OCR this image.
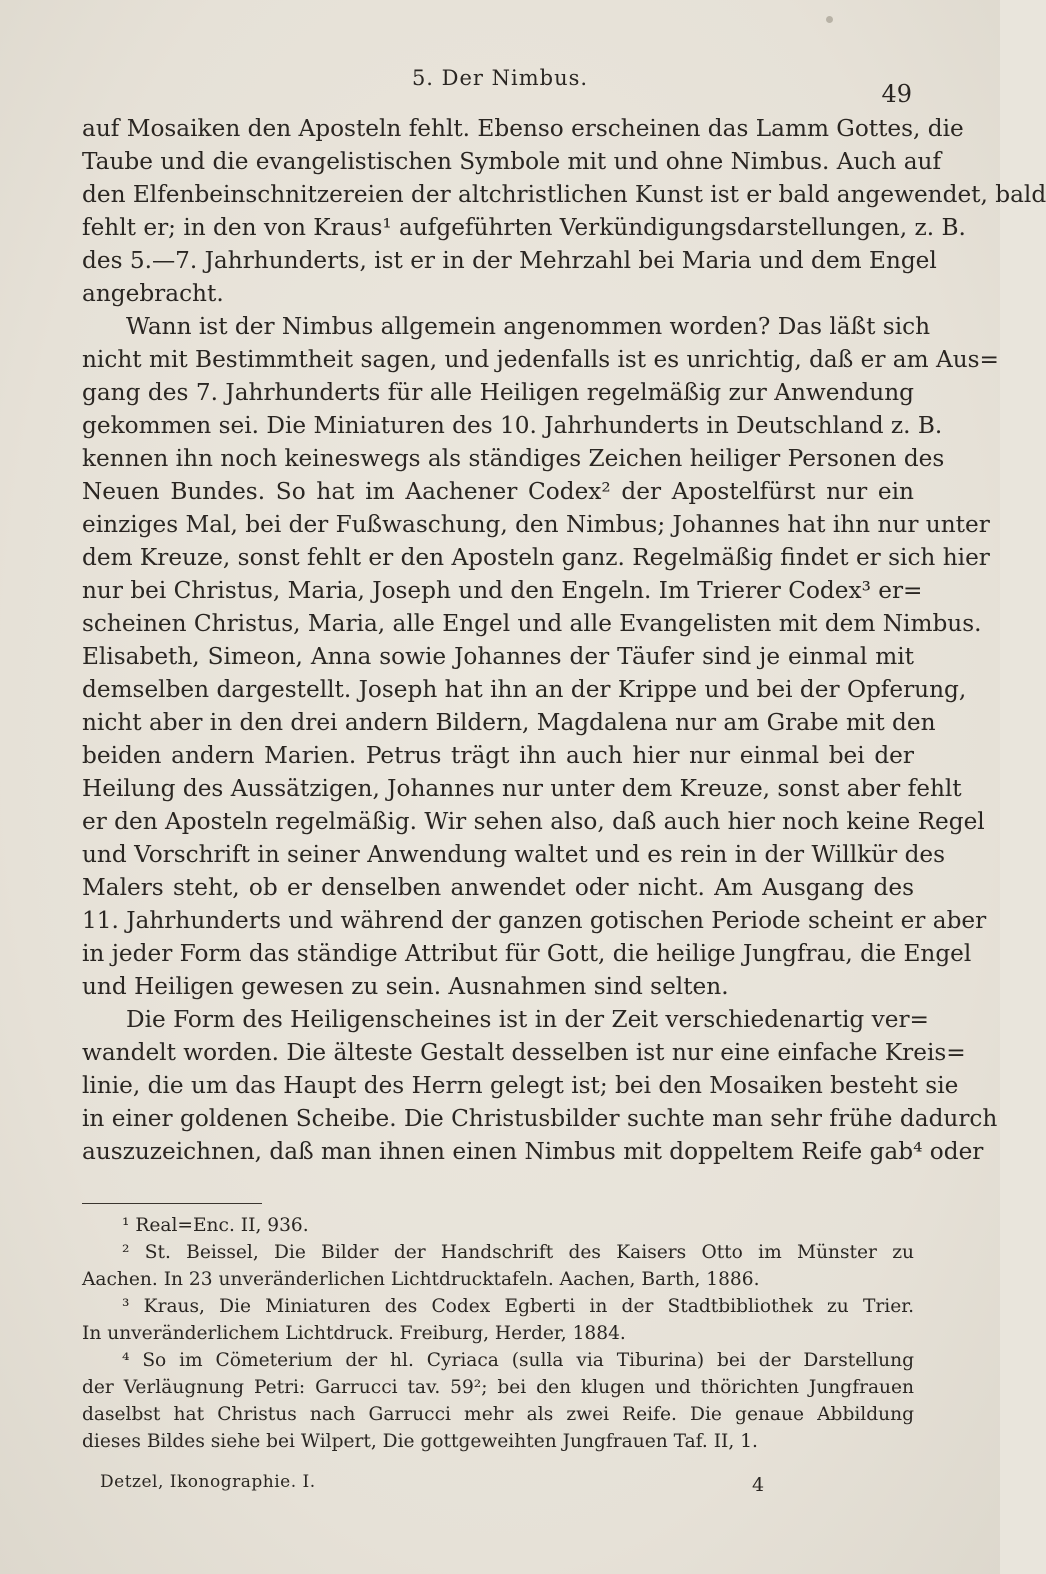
5. Der Nimbus.
49
auf Mosaiken den Aposteln fehlt. Ebenso erscheinen das Lamm Gottes, die
Taube und die evangelistischen Symbole mit und ohne Nimbus. Auch auf
den Elfenbeinschnitzereien der altchristlichen Kunst ist er bald angewendet, bald
fehlt er; in den von Kraus¹ aufgeführten Verkündigungsdarstellungen, z. B.
des 5.—7. Jahrhunderts, ist er in der Mehrzahl bei Maria und dem Engel
angebracht.
Wann ist der Nimbus allgemein angenommen worden? Das läßt sich
nicht mit Bestimmtheit sagen, und jedenfalls ist es unrichtig, daß er am Aus=
gang des 7. Jahrhunderts für alle Heiligen regelmäßig zur Anwendung
gekommen sei. Die Miniaturen des 10. Jahrhunderts in Deutschland z. B.
kennen ihn noch keineswegs als ständiges Zeichen heiliger Personen des
Neuen Bundes. So hat im Aachener Codex² der Apostelfürst nur ein
einziges Mal, bei der Fußwaschung, den Nimbus; Johannes hat ihn nur unter
dem Kreuze, sonst fehlt er den Aposteln ganz. Regelmäßig findet er sich hier
nur bei Christus, Maria, Joseph und den Engeln. Im Trierer Codex³ er=
scheinen Christus, Maria, alle Engel und alle Evangelisten mit dem Nimbus.
Elisabeth, Simeon, Anna sowie Johannes der Täufer sind je einmal mit
demselben dargestellt. Joseph hat ihn an der Krippe und bei der Opferung,
nicht aber in den drei andern Bildern, Magdalena nur am Grabe mit den
beiden andern Marien. Petrus trägt ihn auch hier nur einmal bei der
Heilung des Aussätzigen, Johannes nur unter dem Kreuze, sonst aber fehlt
er den Aposteln regelmäßig. Wir sehen also, daß auch hier noch keine Regel
und Vorschrift in seiner Anwendung waltet und es rein in der Willkür des
Malers steht, ob er denselben anwendet oder nicht. Am Ausgang des
11. Jahrhunderts und während der ganzen gotischen Periode scheint er aber
in jeder Form das ständige Attribut für Gott, die heilige Jungfrau, die Engel
und Heiligen gewesen zu sein. Ausnahmen sind selten.
Die Form des Heiligenscheines ist in der Zeit verschiedenartig ver=
wandelt worden. Die älteste Gestalt desselben ist nur eine einfache Kreis=
linie, die um das Haupt des Herrn gelegt ist; bei den Mosaiken besteht sie
in einer goldenen Scheibe. Die Christusbilder suchte man sehr frühe dadurch
auszuzeichnen, daß man ihnen einen Nimbus mit doppeltem Reife gab⁴ oder
¹ Real=Enc. II, 936.
² St. Beissel, Die Bilder der Handschrift des Kaisers Otto im Münster zu
Aachen. In 23 unveränderlichen Lichtdrucktafeln. Aachen, Barth, 1886.
³ Kraus, Die Miniaturen des Codex Egberti in der Stadtbibliothek zu Trier.
In unveränderlichem Lichtdruck. Freiburg, Herder, 1884.
⁴ So im Cömeterium der hl. Cyriaca (sulla via Tiburina) bei der Darstellung
der Verläugnung Petri: Garrucci tav. 59²; bei den klugen und thörichten Jungfrauen
daselbst hat Christus nach Garrucci mehr als zwei Reife. Die genaue Abbildung
dieses Bildes siehe bei Wilpert, Die gottgeweihten Jungfrauen Taf. II, 1.
Detzel, Ikonographie. I.	4
